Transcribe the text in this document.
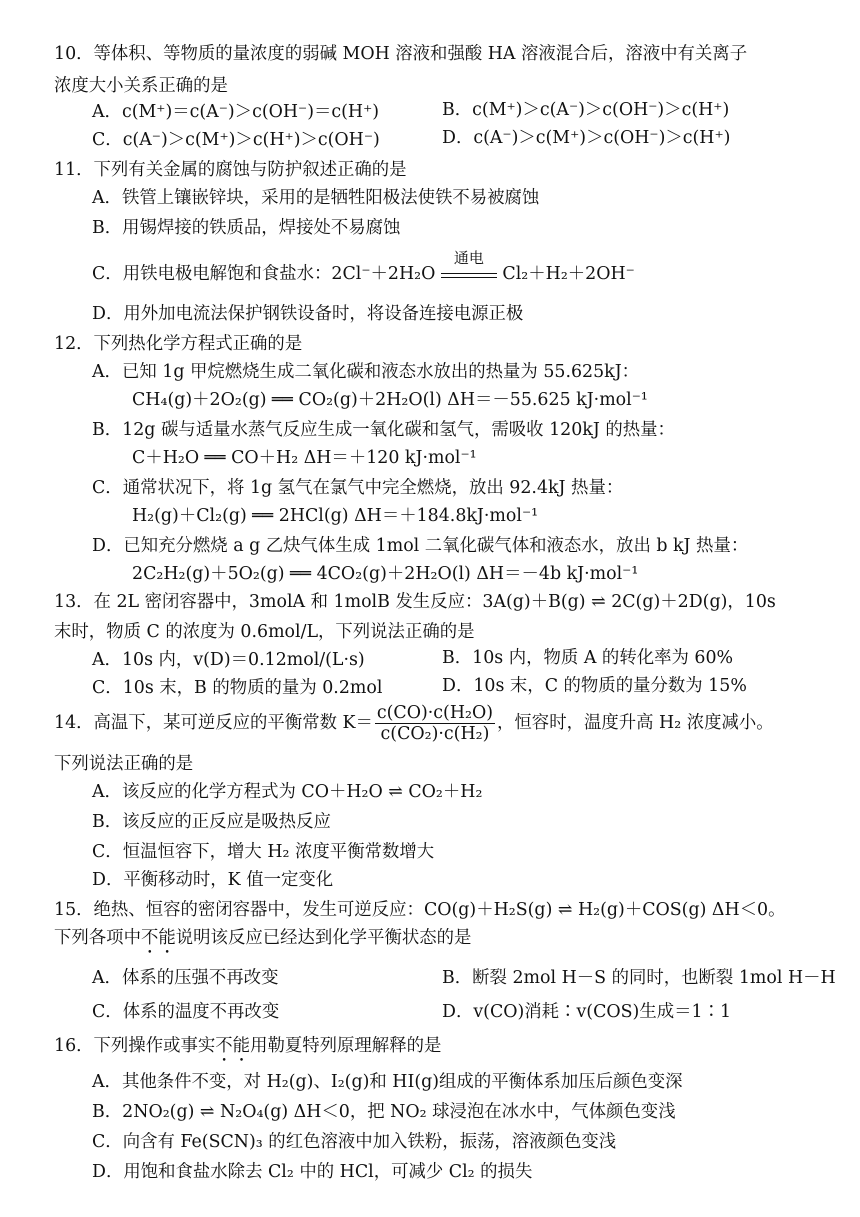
10．等体积、等物质的量浓度的弱碱 MOH 溶液和强酸 HA 溶液混合后，溶液中有关离子
浓度大小关系正确的是
A．c(M⁺)＝c(A⁻)＞c(OH⁻)＝c(H⁺)	B．c(M⁺)＞c(A⁻)＞c(OH⁻)＞c(H⁺)
C．c(A⁻)＞c(M⁺)＞c(H⁺)＞c(OH⁻)	D．c(A⁻)＞c(M⁺)＞c(OH⁻)＞c(H⁺)
11．下列有关金属的腐蚀与防护叙述正确的是
A．铁管上镶嵌锌块，采用的是牺牲阳极法使铁不易被腐蚀
B．用锡焊接的铁质品，焊接处不易腐蚀
C．用铁电极电解饱和食盐水：2Cl⁻＋2H₂O
通电
Cl₂＋H₂＋2OH⁻
D．用外加电流法保护钢铁设备时，将设备连接电源正极
12．下列热化学方程式正确的是
A．已知 1g 甲烷燃烧生成二氧化碳和液态水放出的热量为 55.625kJ：
CH₄(g)＋2O₂(g) ══ CO₂(g)＋2H₂O(l) ΔH＝－55.625 kJ·mol⁻¹
B．12g 碳与适量水蒸气反应生成一氧化碳和氢气，需吸收 120kJ 的热量：
C＋H₂O ══ CO＋H₂ ΔH＝＋120 kJ·mol⁻¹
C．通常状况下，将 1g 氢气在氯气中完全燃烧，放出 92.4kJ 热量：
H₂(g)＋Cl₂(g) ══ 2HCl(g) ΔH＝＋184.8kJ·mol⁻¹
D．已知充分燃烧 a g 乙炔气体生成 1mol 二氧化碳气体和液态水，放出 b kJ 热量：
2C₂H₂(g)＋5O₂(g) ══ 4CO₂(g)＋2H₂O(l) ΔH＝－4b kJ·mol⁻¹
13．在 2L 密闭容器中，3molA 和 1molB 发生反应：3A(g)＋B(g) ⇌ 2C(g)＋2D(g)，10s
末时，物质 C 的浓度为 0.6mol/L，下列说法正确的是
A．10s 内，v(D)＝0.12mol/(L·s)	B．10s 内，物质 A 的转化率为 60%
C．10s 末，B 的物质的量为 0.2mol	D．10s 末，C 的物质的量分数为 15%
14．高温下，某可逆反应的平衡常数 $K= \frac{\text{c(CO)·c(H₂O)}}{\text{c(CO₂)·c(H₂)}}$ ，恒容时，温度升高 H₂ 浓度减小。
下列说法正确的是
A．该反应的化学方程式为 CO＋H₂O ⇌ CO₂＋H₂
B．该反应的正反应是吸热反应
C．恒温恒容下，增大 H₂ 浓度平衡常数增大
D．平衡移动时，K 值一定变化
15．绝热、恒容的密闭容器中，发生可逆反应：CO(g)＋H₂S(g) ⇌ H₂(g)＋COS(g) ΔH＜0。
下列各项中不能说明该反应已经达到化学平衡状态的是
A．体系的压强不再改变	B．断裂 2mol H－S 的同时，也断裂 1mol H－H
C．体系的温度不再改变	D．v(CO)消耗∶v(COS)生成＝1∶1
16．下列操作或事实不能用勒夏特列原理解释的是
A．其他条件不变，对 H₂(g)、I₂(g)和 HI(g)组成的平衡体系加压后颜色变深
B．2NO₂(g) ⇌ N₂O₄(g) ΔH＜0，把 NO₂ 球浸泡在冰水中，气体颜色变浅
C．向含有 Fe(SCN)₃ 的红色溶液中加入铁粉，振荡，溶液颜色变浅
D．用饱和食盐水除去 Cl₂ 中的 HCl，可减少 Cl₂ 的损失
